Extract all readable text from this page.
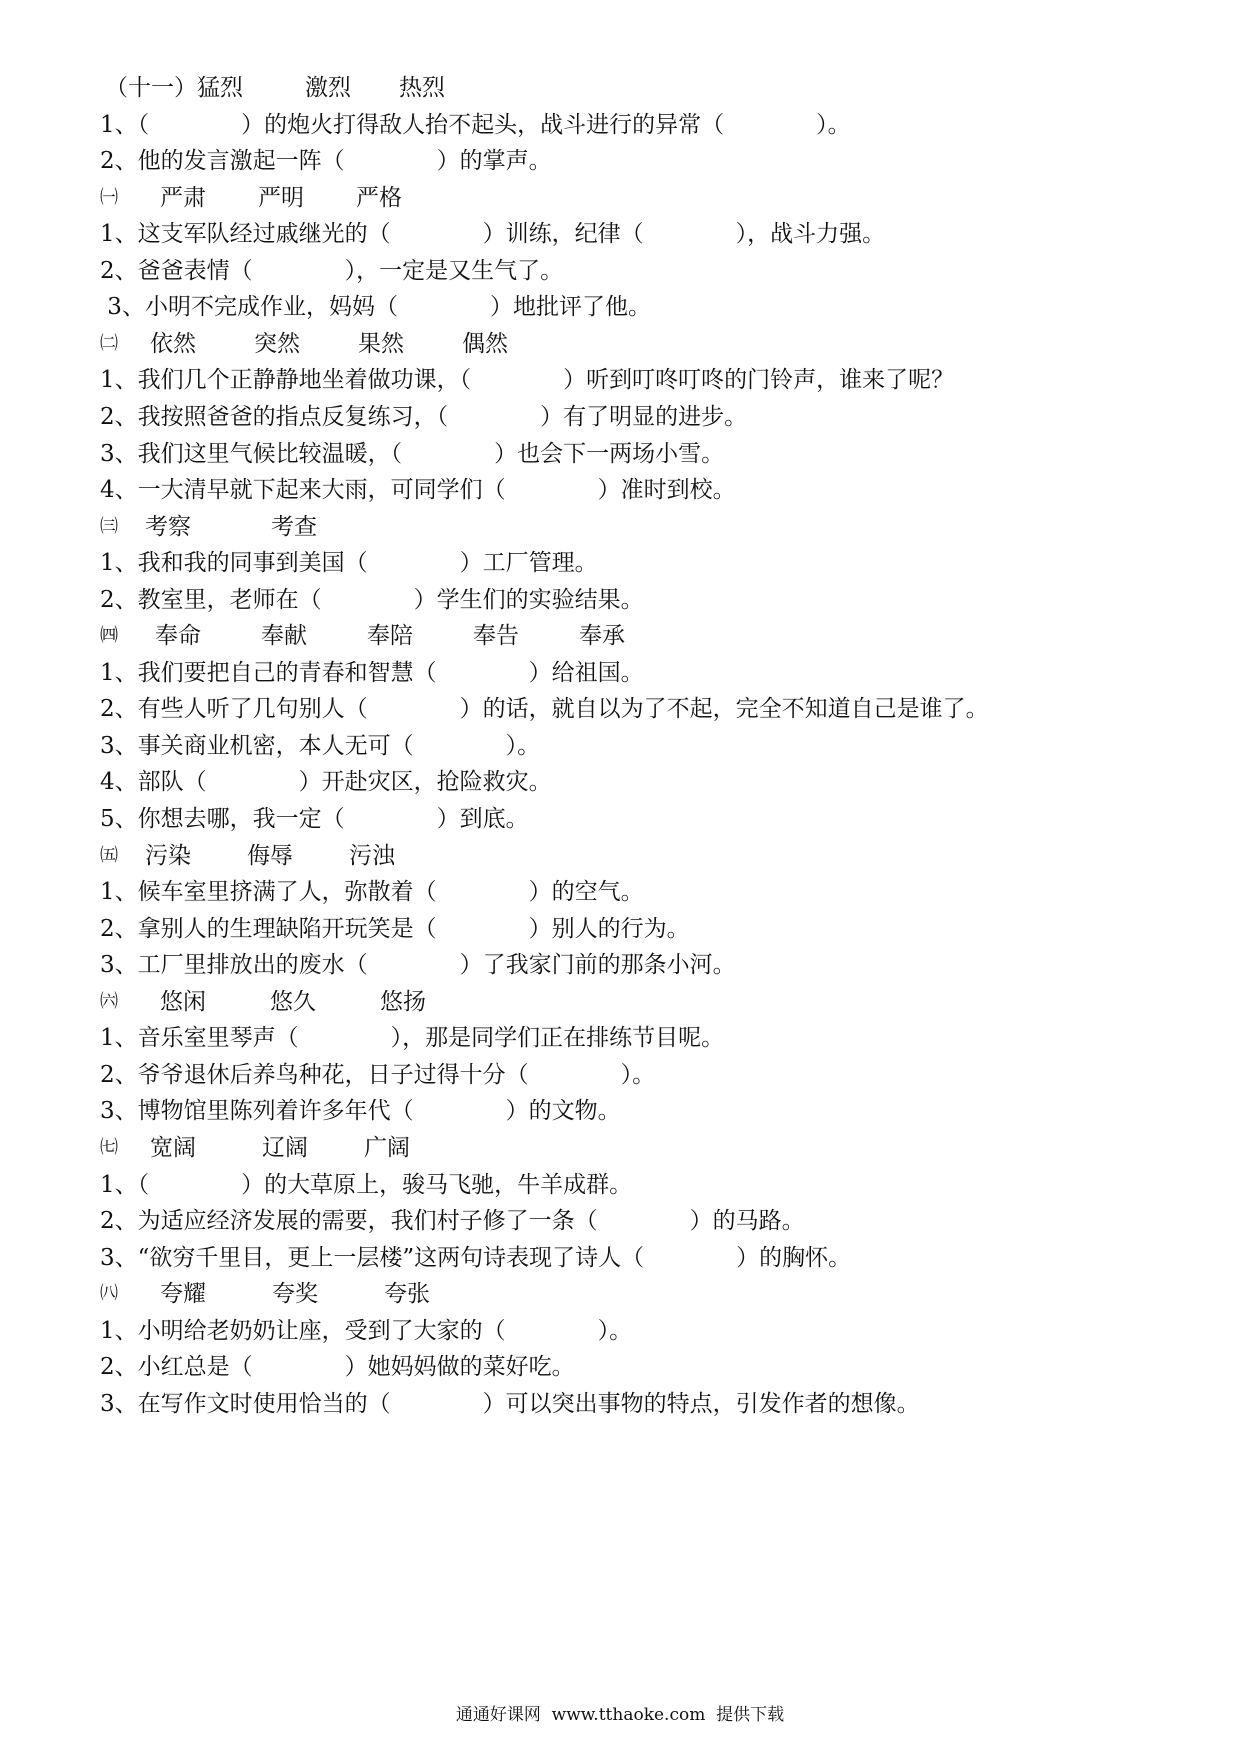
（十一）猛烈	激烈 热烈
1、（　　　　）的炮火打得敌人抬不起头，战斗进行的异常（　　　　）。
2、他的发言激起一阵（　　　　）的掌声。
㈠ 严肃 严明 严格
1、这支军队经过戚继光的（　　　　）训练，纪律（　　　　），战斗力强。
2、爸爸表情（　　　　），一定是又生气了。
3、小明不完成作业，妈妈（　　　　）地批评了他。
㈡ 依然	突然	果然	偶然
1、我们几个正静静地坐着做功课，（　　　　）听到叮咚叮咚的门铃声，谁来了呢？
2、我按照爸爸的指点反复练习，（　　　　）有了明显的进步。
3、我们这里气候比较温暖，（　　　　）也会下一两场小雪。
4、一大清早就下起来大雨，可同学们（　　　　）准时到校。
㈢ 考察	考查
1、我和我的同事到美国（　　　　）工厂管理。
2、教室里，老师在（　　　　）学生们的实验结果。
㈣ 奉命	奉献	奉陪	奉告	奉承
1、我们要把自己的青春和智慧（　　　　）给祖国。
2、有些人听了几句别人（　　　　）的话，就自以为了不起，完全不知道自己是谁了。
3、事关商业机密，本人无可（　　　　）。
4、部队（　　　　）开赴灾区，抢险救灾。
5、你想去哪，我一定（　　　　）到底。
㈤ 污染 侮辱 污浊
1、候车室里挤满了人，弥散着（　　　　）的空气。
2、拿别人的生理缺陷开玩笑是（　　　　）别人的行为。
3、工厂里排放出的废水（　　　　）了我家门前的那条小河。
㈥ 悠闲	悠久	悠扬
1、音乐室里琴声（　　　　），那是同学们正在排练节目呢。
2、爷爷退休后养鸟种花，日子过得十分（　　　　）。
3、博物馆里陈列着许多年代（　　　　）的文物。
㈦ 宽阔	辽阔 广阔
1、（　　　　）的大草原上，骏马飞驰，牛羊成群。
2、为适应经济发展的需要，我们村子修了一条（　　　　）的马路。
3、“欲穷千里目，更上一层楼”这两句诗表现了诗人（　　　　）的胸怀。
㈧ 夸耀	夸奖	夸张
1、小明给老奶奶让座，受到了大家的（　　　　）。
2、小红总是（　　　　）她妈妈做的菜好吃。
3、在写作文时使用恰当的（　　　　）可以突出事物的特点，引发作者的想像。
通通好课网  www.tthaoke.com  提供下载
